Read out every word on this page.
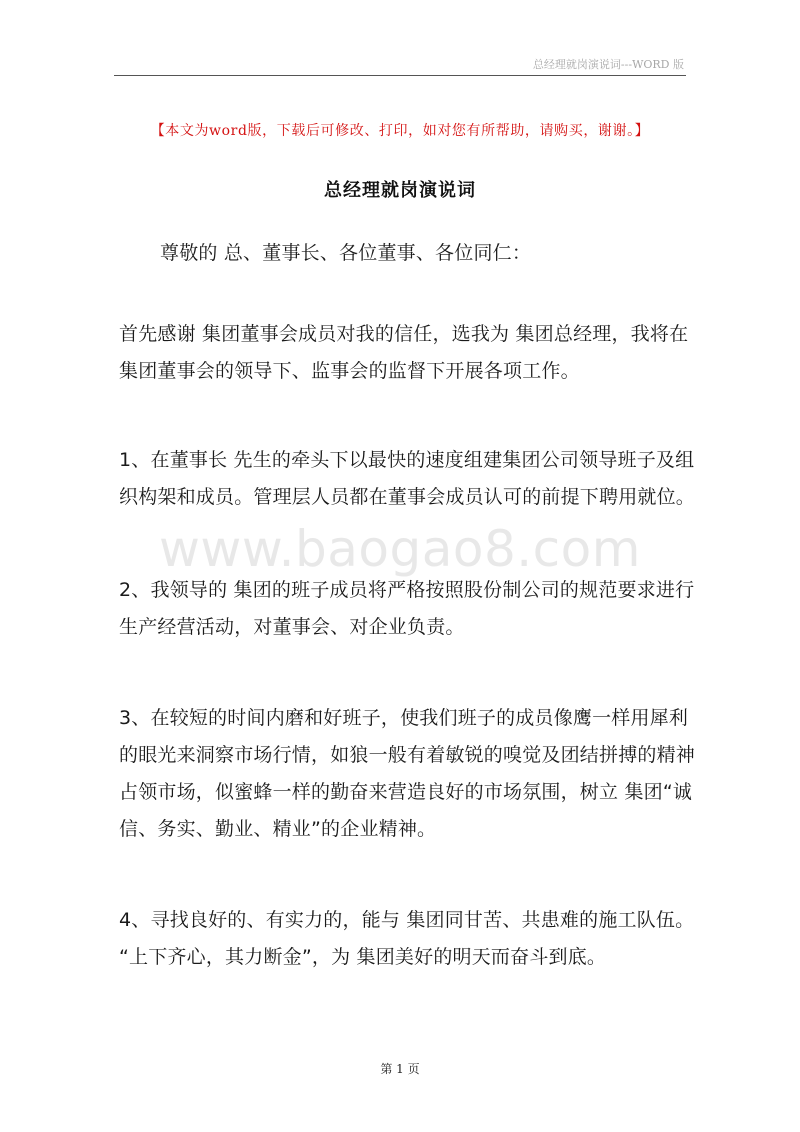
总经理就岗演说词---WORD 版
【本文为word版，下载后可修改、打印，如对您有所帮助，请购买，谢谢。】
总经理就岗演说词

尊敬的 总、董事长、各位董事、各位同仁：

首先感谢 集团董事会成员对我的信任，选我为 集团总经理，我将在
集团董事会的领导下、监事会的监督下开展各项工作。

1、在董事长 先生的牵头下以最快的速度组建集团公司领导班子及组
织构架和成员。管理层人员都在董事会成员认可的前提下聘用就位。

www.baogao8.com

2、我领导的 集团的班子成员将严格按照股份制公司的规范要求进行
生产经营活动，对董事会、对企业负责。

3、在较短的时间内磨和好班子，使我们班子的成员像鹰一样用犀利
的眼光来洞察市场行情，如狼一般有着敏锐的嗅觉及团结拼搏的精神
占领市场，似蜜蜂一样的勤奋来营造良好的市场氛围，树立 集团“诚
信、务实、勤业、精业”的企业精神。

4、寻找良好的、有实力的，能与 集团同甘苦、共患难的施工队伍。
“上下齐心，其力断金”，为 集团美好的明天而奋斗到底。

第 1 页
